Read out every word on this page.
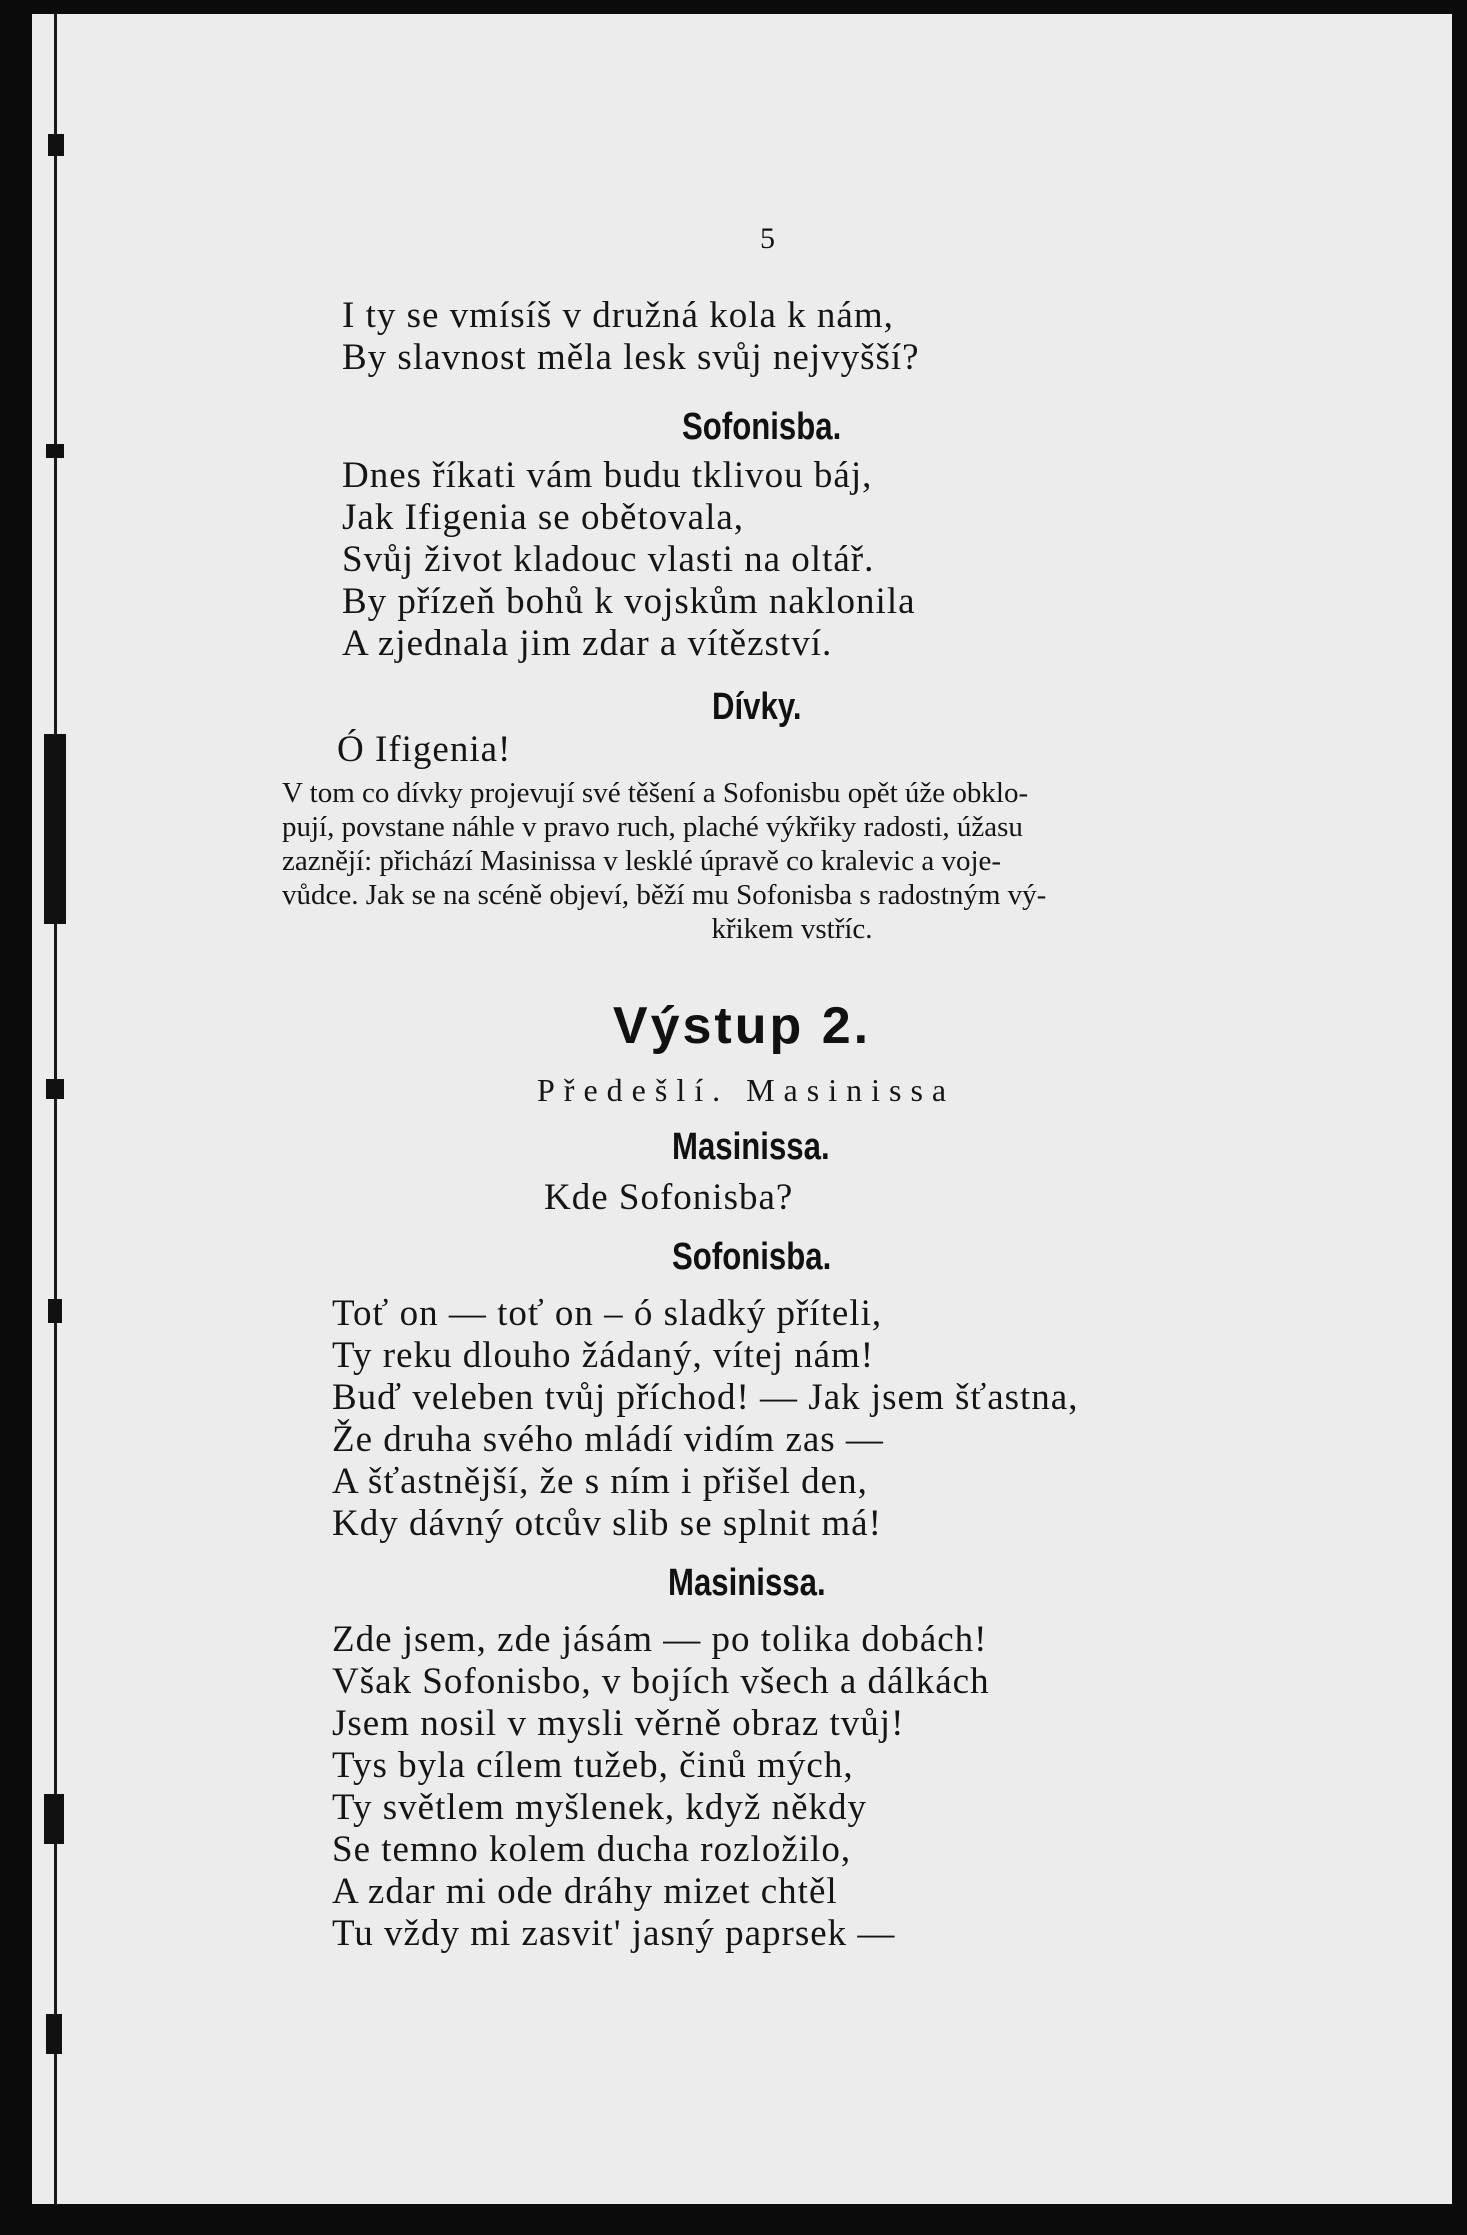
5
I ty se vmísíš v družná kola k nám,
By slavnost měla lesk svůj nejvyšší?
Sofonisba.
Dnes říkati vám budu tklivou báj,
Jak Ifigenia se obětovala,
Svůj život kladouc vlasti na oltář.
By přízeň bohů k vojskům naklonila
A zjednala jim zdar a vítězství.
Dívky.
Ó Ifigenia!
V tom co dívky projevují své těšení a Sofonisbu opět úže obklo-
pují, povstane náhle v pravo ruch, plaché výkřiky radosti, úžasu
zaznějí: přichází Masinissa v lesklé úpravě co kralevic a voje-
vůdce. Jak se na scéně objeví, běží mu Sofonisba s radostným vý-
křikem vstříc.
Výstup 2.
Předešlí. Masinissa
Masinissa.
Kde Sofonisba?
Sofonisba.
Toť on — toť on – ó sladký příteli,
Ty reku dlouho žádaný, vítej nám!
Buď veleben tvůj příchod! — Jak jsem šťastna,
Že druha svého mládí vidím zas —
A šťastnější, že s ním i přišel den,
Kdy dávný otcův slib se splnit má!
Masinissa.
Zde jsem, zde jásám — po tolika dobách!
Však Sofonisbo, v bojích všech a dálkách
Jsem nosil v mysli věrně obraz tvůj!
Tys byla cílem tužeb, činů mých,
Ty světlem myšlenek, když někdy
Se temno kolem ducha rozložilo,
A zdar mi ode dráhy mizet chtěl
Tu vždy mi zasvit' jasný paprsek —
